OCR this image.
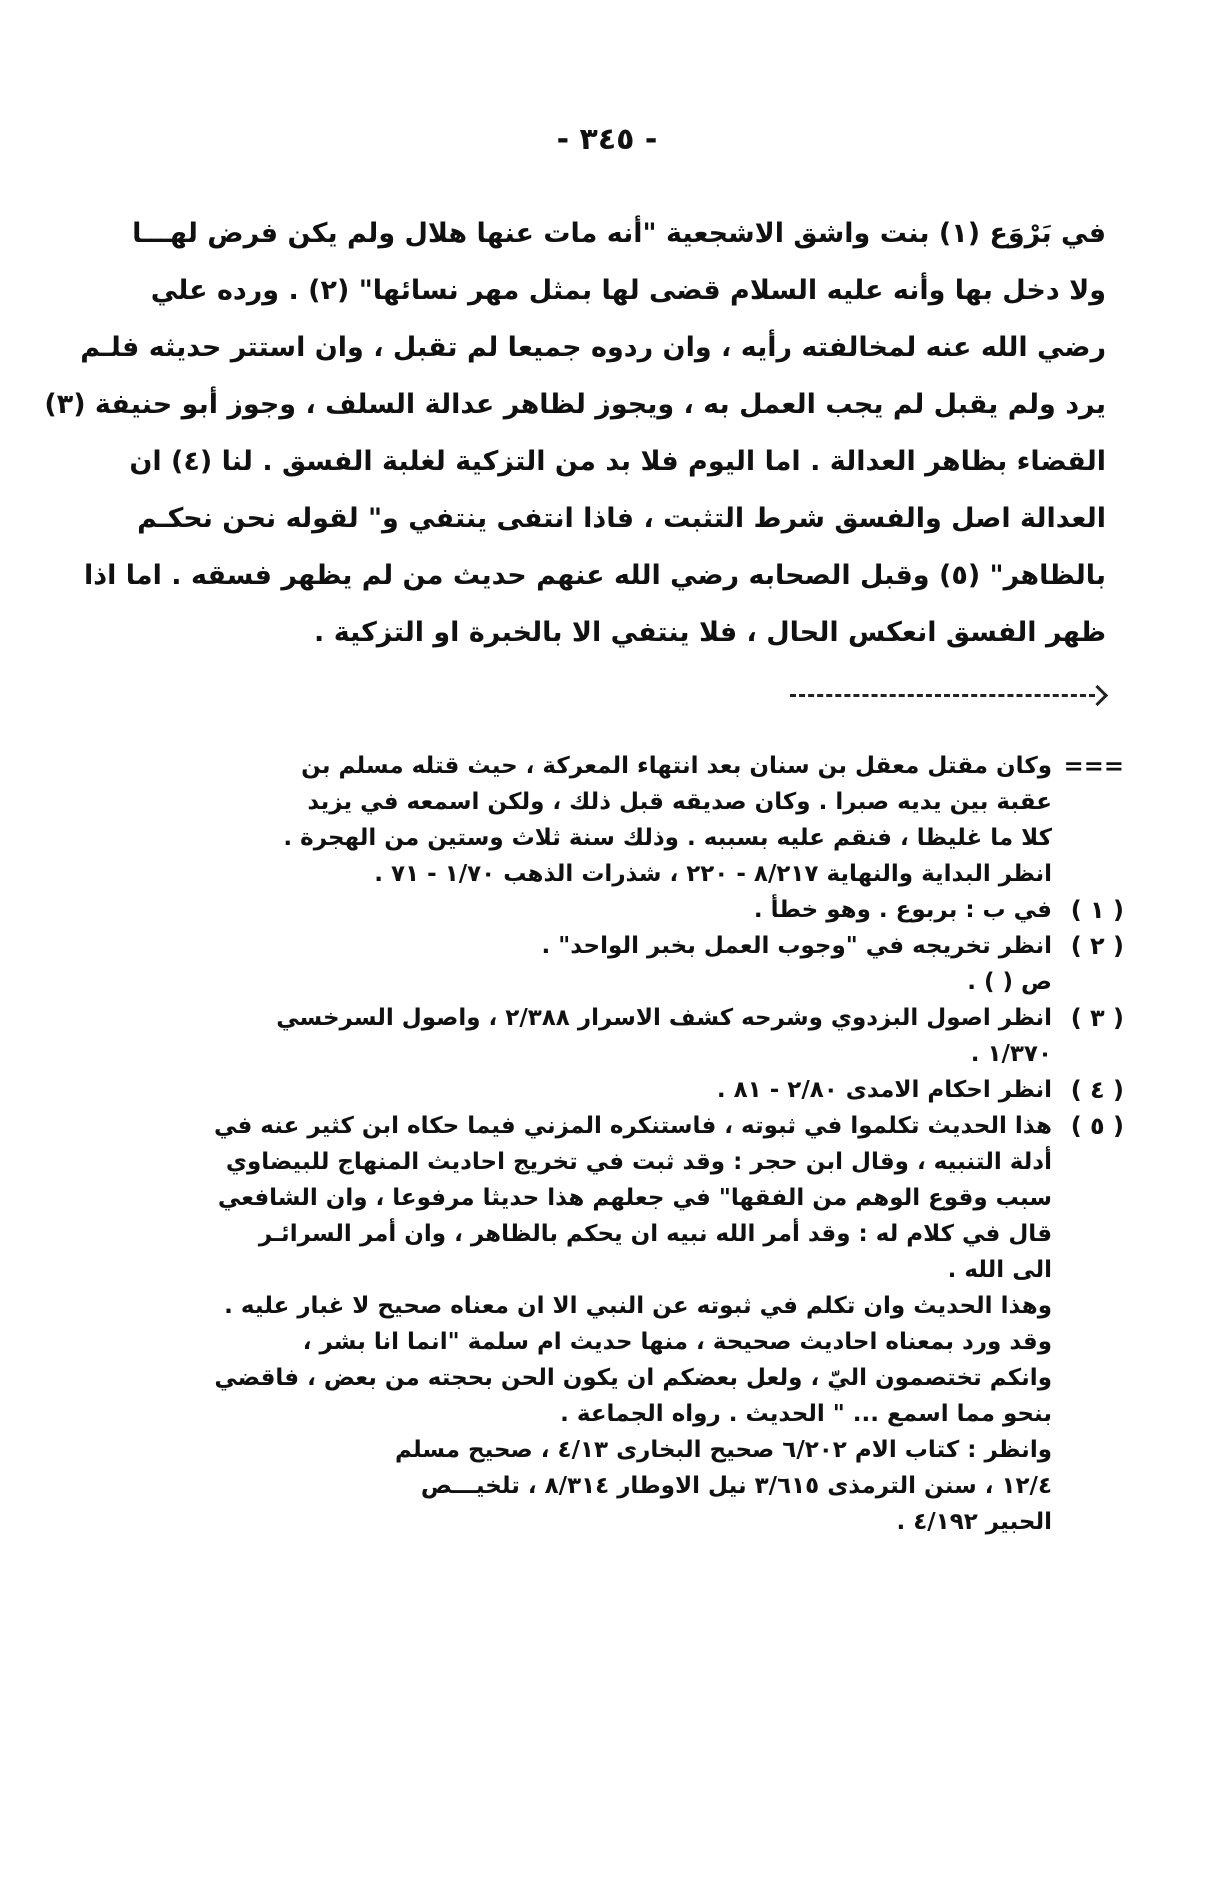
- ٣٤٥ -
في بَرْوَع (١) بنت واشق الاشجعية "أنه مات عنها هلال ولم يكن فرض لهـــا
ولا دخل بها وأنه عليه السلام قضى لها بمثل مهر نسائها" (٢) . ورده علي
رضي الله عنه لمخالفته رأيه ، وان ردوه جميعا لم تقبل ، وان استتر حديثه فلـم
يرد ولم يقبل لم يجب العمل به ، ويجوز لظاهر عدالة السلف ، وجوز أبو حنيفة (٣)
القضاء بظاهر العدالة . اما اليوم فلا بد من التزكية لغلبة الفسق . لنا (٤) ان
العدالة اصل والفسق شرط التثبت ، فاذا انتفى ينتفي و" لقوله نحن نحكـم
بالظاهر" (٥) وقبل الصحابه رضي الله عنهم حديث من لم يظهر فسقه . اما اذا
ظهر الفسق انعكس الحال ، فلا ينتفي الا بالخبرة او التزكية .
===
وكان مقتل معقل بن سنان بعد انتهاء المعركة ، حيث قتله مسلم بن
عقبة بين يديه صبرا . وكان صديقه قبل ذلك ، ولكن اسمعه في يزيد
كلا ما غليظا ، فنقم عليه بسببه . وذلك سنة ثلاث وستين من الهجرة .
انظر البداية والنهاية ٨/٢١٧ - ٢٢٠ ، شذرات الذهب ١/٧٠ - ٧١ .
( ١ )
في ب : بربوع . وهو خطأ .
( ٢ )
انظر تخريجه في "وجوب العمل بخبر الواحد" .
ص ( ) .
( ٣ )
انظر اصول البزدوي وشرحه كشف الاسرار ٢/٣٨٨ ، واصول السرخسي
١/٣٧٠ .
( ٤ )
انظر احكام الامدى ٢/٨٠ - ٨١ .
( ٥ )
هذا الحديث تكلموا في ثبوته ، فاستنكره المزني فيما حكاه ابن كثير عنه في
أدلة التنبيه ، وقال ابن حجر : وقد ثبت في تخريج احاديث المنهاج للبيضاوي
سبب وقوع الوهم من الفقها" في جعلهم هذا حديثا مرفوعا ، وان الشافعي
قال في كلام له : وقد أمر الله نبيه ان يحكم بالظاهر ، وان أمر السرائـر
الى الله .
وهذا الحديث وان تكلم في ثبوته عن النبي الا ان معناه صحيح لا غبار عليه .
وقد ورد بمعناه احاديث صحيحة ، منها حديث ام سلمة "انما انا بشر ،
وانكم تختصمون اليّ ، ولعل بعضكم ان يكون الحن بحجته من بعض ، فاقضي
بنحو مما اسمع ... " الحديث . رواه الجماعة .
وانظر : كتاب الام ٦/٢٠٢ صحيح البخارى ٤/١٣ ، صحيح مسلم
١٢/٤ ، سنن الترمذى ٣/٦١٥ نيل الاوطار ٨/٣١٤ ، تلخيـــص
الحبير ٤/١٩٢ .
